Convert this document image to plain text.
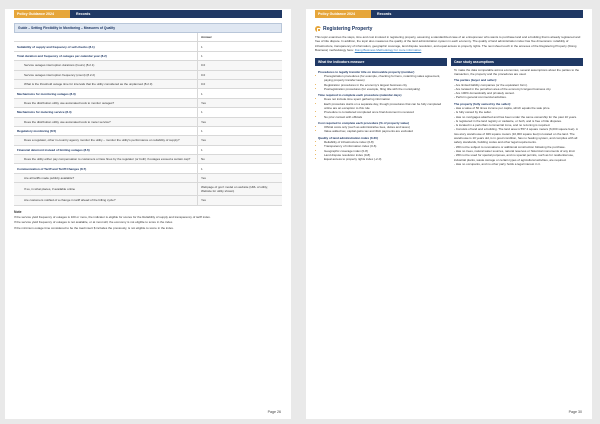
Policy Guidance 2024	Records
Guide – Setting Flexibility in Monitoring – Measures of Quality
Answer
Suitability of supply and frequency of self-checks (8.1)	1
Total duration and frequency of outages per calendar year (8.2)	1
Service outages interruption durations (hours) (8.2.1)	0.0
Service outages interruption frequency (count) (8.2.2)	0.0
What is the threshold outage time for intervals that the utility considered as the unplanned (8.2.3)	0.0
Mechanisms for monitoring outages (8.3)	1
Does the distribution utility use automated tools to monitor outages?	Yes
Mechanisms for metering service (8.4)	1
Does the distribution utility use automated tools to meter service?	Yes
Regulatory monitoring (8.5)	1
Does a regulator, other in-country agency monitor the utility – monitor the utility's performance on reliability of supply?	Yes
Financial deterrent instead of limiting outages (8.6)	1
Does the utility either pay compensation to customers or face fines by the regulator (or both) if outages exceed a certain cap?	No
Communication of Tariff and Tariff Changes (8.7)	1
Are all tariffs made publicly available?	Yes
If so, in what places, if available online	Webpage of gov't model on website (URL of utility; Website for utility shown)
Are customers notified of a change in tariff ahead of the billing cycle?	Yes
Note
If the service yield frequency of outages is 100 or more, the indicator is eligible for scores for the Reliability of supply and transparency of tariff index.
If the service yield frequency of outages is not available, or at most will, the economy is not eligible to score in the index.
If the minimum outage time considered to be the load insert $ includes the previously, is not eligible to score in the index.
Page 26
Policy Guidance 2024	Records
Registering Property
This topic examines the steps, time and cost involved in registering property, assuming a standardized case of an entrepreneur who wants to purchase land and a building that is already registered and free of title dispute. In addition, the topic also measures the quality of the land administration system in each economy. The quality of land administration index has five dimensions: reliability of infrastructure, transparency of information, geographic coverage, land dispute resolution, and equal access to property rights. The next sheet touch in the annexes of the Registering Property (Doing Business) methodology here: Doing Business Methodology for more information
What the indicators measure
Procedures to legally transfer title on immovable property (number)
• Preregistration procedures (for example, checking for liens, notarizing sales agreement, paying property transfer taxes)
• Registration procedures in the economy's largest business city
• Postregistration procedures (for example, filing title with the municipality)
Time required to complete each procedure (calendar days)
• Does not include time spent gathering information
• Each procedure starts on a separate day, though procedures that can be fully completed online are an exception to this rule
• Procedure is considered completed once final document is received
• No prior contact with officials
Cost required to complete each procedure (% of property value)
• Official costs only (such as administrative fees, duties and taxes)
• Value added tax, capital gains tax and illicit payments are excluded
Quality of land administration index (0-30)
• Reliability of infrastructure index (0-8)
• Transparency of information index (0-6)
• Geographic coverage index (0-8)
• Land dispute resolution index (0-8)
• Equal access to property rights index (-2-0)
Case study assumptions
To make the data comparable across economies, several assumptions about the parties to the transaction, the property and the procedures are used.
The parties (buyer and seller):
- Are limited liability companies (or the equivalent form).
- Are located in the periurban area of the economy's largest business city.
- Are 100% domestically and privately owned.
- Perform general commercial activities.
The property (fully owned by the seller):
- Has a value of 50 times income per capita, which equals the sale price.
- Is fully owned by the seller.
- Has no mortgages attached and has been under the same ownership for the past 10 years.
- Is registered in the land registry or cadastre, or both, and is free of title disputes.
- Is located in a periurban commercial zone, and no rezoning is required.
- Consists of land and a building. The land area is 557.4 square meters (6,000 square feet). A two-story warehouse of 929 square meters (10,000 square feet) is located on the land. The warehouse is 10 years old, is in good condition, has no heating system, and complies with all safety standards, building codes and other legal requirements.
- Will not be subject to renovations or additional construction following the purchase.
- Has no trees, natural water sources, natural reserves or historical monuments of any kind.
- Will not be used for special purposes, and no special permits, such as for residential use, industrial plants, waste storage or certain types of agricultural activities, are required.
- Has no occupants, and no other party holds a legal interest in it.
Page 30
